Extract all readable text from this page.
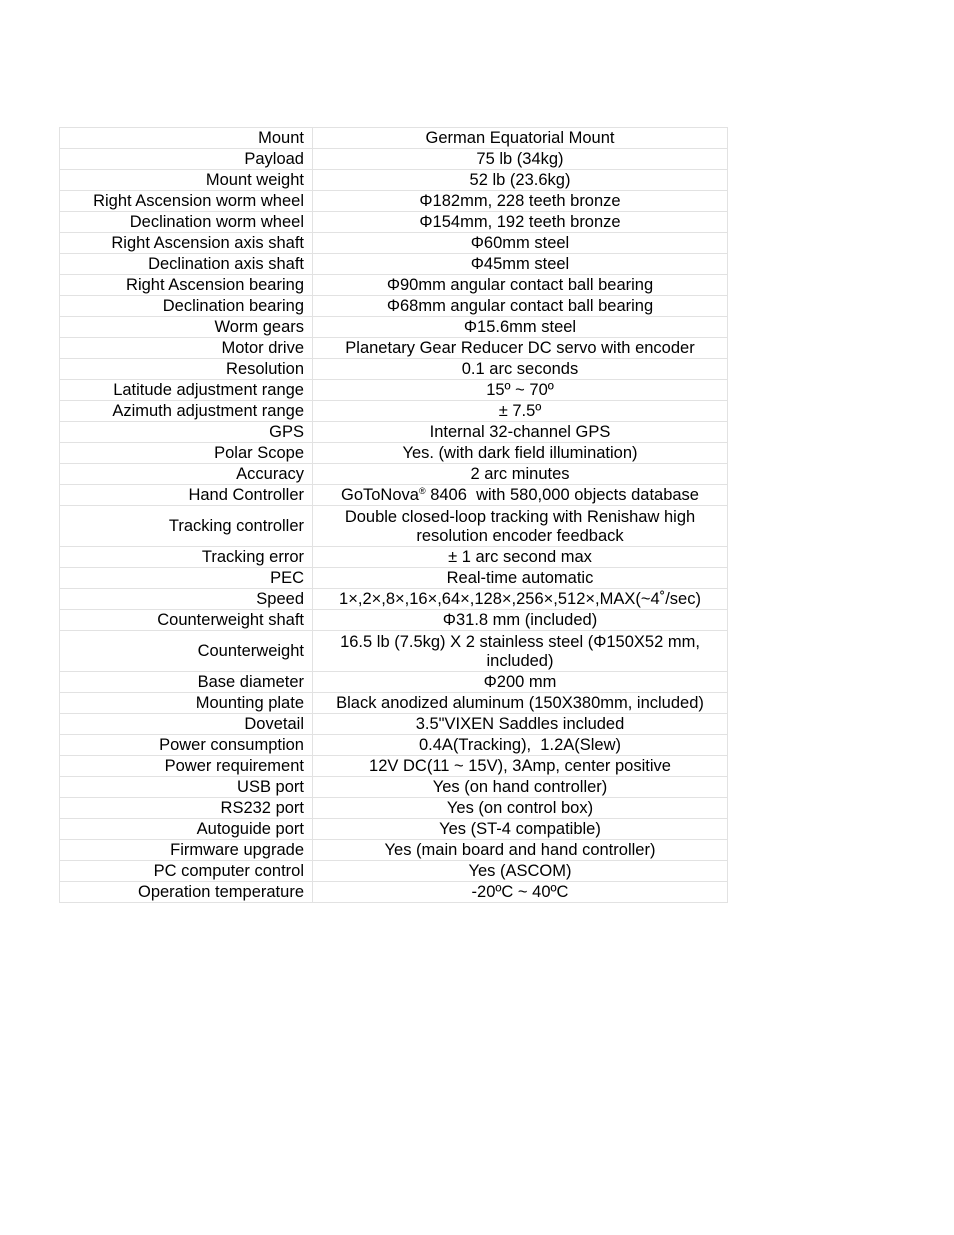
Mount	German Equatorial Mount
Payload	75 lb (34kg)
Mount weight	52 lb (23.6kg)
Right Ascension worm wheel	Φ182mm, 228 teeth bronze
Declination worm wheel	Φ154mm, 192 teeth bronze
Right Ascension axis shaft	Φ60mm steel
Declination axis shaft	Φ45mm steel
Right Ascension bearing	Φ90mm angular contact ball bearing
Declination bearing	Φ68mm angular contact ball bearing
Worm gears	Φ15.6mm steel
Motor drive	Planetary Gear Reducer DC servo with encoder
Resolution	0.1 arc seconds
Latitude adjustment range	15º ~ 70º
Azimuth adjustment range	± 7.5º
GPS	Internal 32-channel GPS
Polar Scope	Yes. (with dark field illumination)
Accuracy	2 arc minutes
Hand Controller	GoToNova® 8406  with 580,000 objects database
Tracking controller	Double closed-loop tracking with Renishaw high resolution encoder feedback
Tracking error	± 1 arc second max
PEC	Real-time automatic
Speed	1×,2×,8×,16×,64×,128×,256×,512×,MAX(~4˚/sec)
Counterweight shaft	Φ31.8 mm (included)
Counterweight	16.5 lb (7.5kg) X 2 stainless steel (Φ150X52 mm, included)
Base diameter	Φ200 mm
Mounting plate	Black anodized aluminum (150X380mm, included)
Dovetail	3.5"VIXEN Saddles included
Power consumption	0.4A(Tracking),  1.2A(Slew)
Power requirement	12V DC(11 ~ 15V), 3Amp, center positive
USB port	Yes (on hand controller)
RS232 port	Yes (on control box)
Autoguide port	Yes (ST-4 compatible)
Firmware upgrade	Yes (main board and hand controller)
PC computer control	Yes (ASCOM)
Operation temperature	-20ºC ~ 40ºC
